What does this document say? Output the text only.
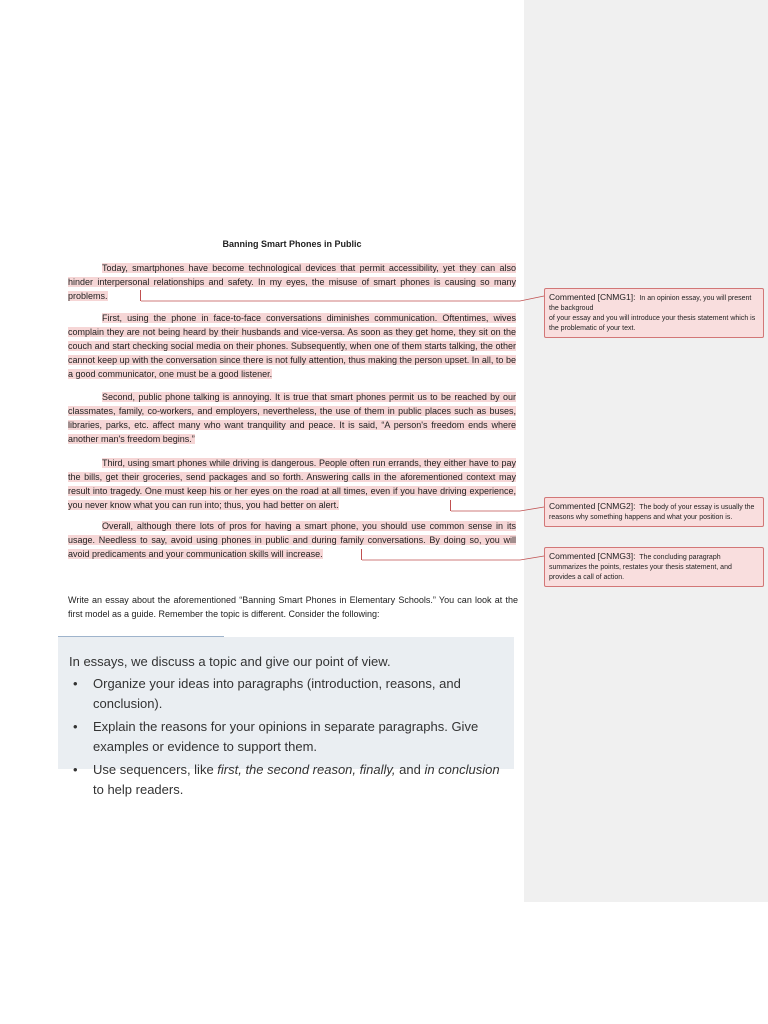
Banning Smart Phones in Public

Today, smartphones have become technological devices that permit accessibility, yet they can also hinder interpersonal relationships and safety. In my eyes, the misuse of smart phones is causing so many problems.

First, using the phone in face-to-face conversations diminishes communication. Oftentimes, wives complain they are not being heard by their husbands and vice-versa. As soon as they get home, they sit on the couch and start checking social media on their phones. Subsequently, when one of them starts talking, the other cannot keep up with the conversation since there is not fully attention, thus making the person upset. In all, to be a good communicator, one must be a good listener.

Second, public phone talking is annoying. It is true that smart phones permit us to be reached by our classmates, family, co-workers, and employers, nevertheless, the use of them in public places such as buses, libraries, parks, etc. affect many who want tranquility and peace. It is said, “A person's freedom ends where another man's freedom begins.”

Third, using smart phones while driving is dangerous. People often run errands, they either have to pay the bills, get their groceries, send packages and so forth. Answering calls in the aforementioned context may result into tragedy. One must keep his or her eyes on the road at all times, even if you have driving experience, you never know what you can run into; thus, you had better on alert.

Overall, although there lots of pros for having a smart phone, you should use common sense in its usage. Needless to say, avoid using phones in public and during family conversations. By doing so, you will avoid predicaments and your communication skills will increase.

Write an essay about the aforementioned “Banning Smart Phones in Elementary Schools.” You can look at the first model as a guide. Remember the topic is different. Consider the following:

In essays, we discuss a topic and give our point of view.

• Organize your ideas into paragraphs (introduction, reasons, and conclusion).
• Explain the reasons for your opinions in separate paragraphs. Give examples or evidence to support them.
• Use sequencers, like first, the second reason, finally, and in conclusion to help readers.
Commented [CNMG1]: In an opinion essay, you will present the backgroud
of your essay and you will introduce your thesis statement which is the problematic of your text.
Commented [CNMG2]: The body of your essay is usually the reasons why something happens and what your position is.
Commented [CNMG3]: The concluding paragraph summarizes the points, restates your thesis statement, and provides a call of action.
